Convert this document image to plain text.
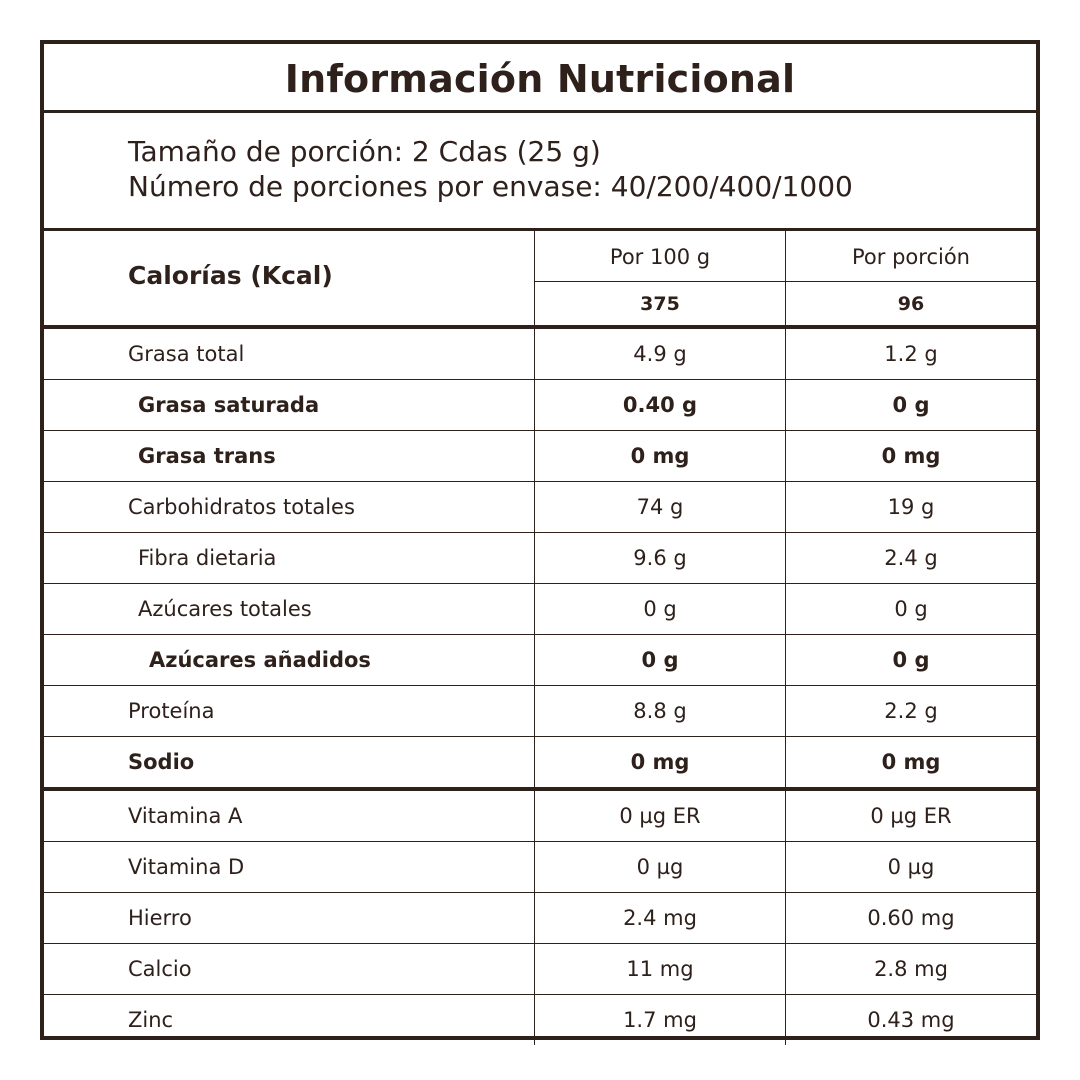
Información Nutricional
Tamaño de porción: 2 Cdas (25 g)
Número de porciones por envase: 40/200/400/1000
Calorías (Kcal)
Por 100 g	Por porción
375	96
Grasa total	4.9 g	1.2 g
Grasa saturada	0.40 g	0 g
Grasa trans	0 mg	0 mg
Carbohidratos totales	74 g	19 g
Fibra dietaria	9.6 g	2.4 g
Azúcares totales	0 g	0 g
Azúcares añadidos	0 g	0 g
Proteína	8.8 g	2.2 g
Sodio	0 mg	0 mg
Vitamina A	0 µg ER	0 µg ER
Vitamina D	0 µg	0 µg
Hierro	2.4 mg	0.60 mg
Calcio	11 mg	2.8 mg
Zinc	1.7 mg	0.43 mg
